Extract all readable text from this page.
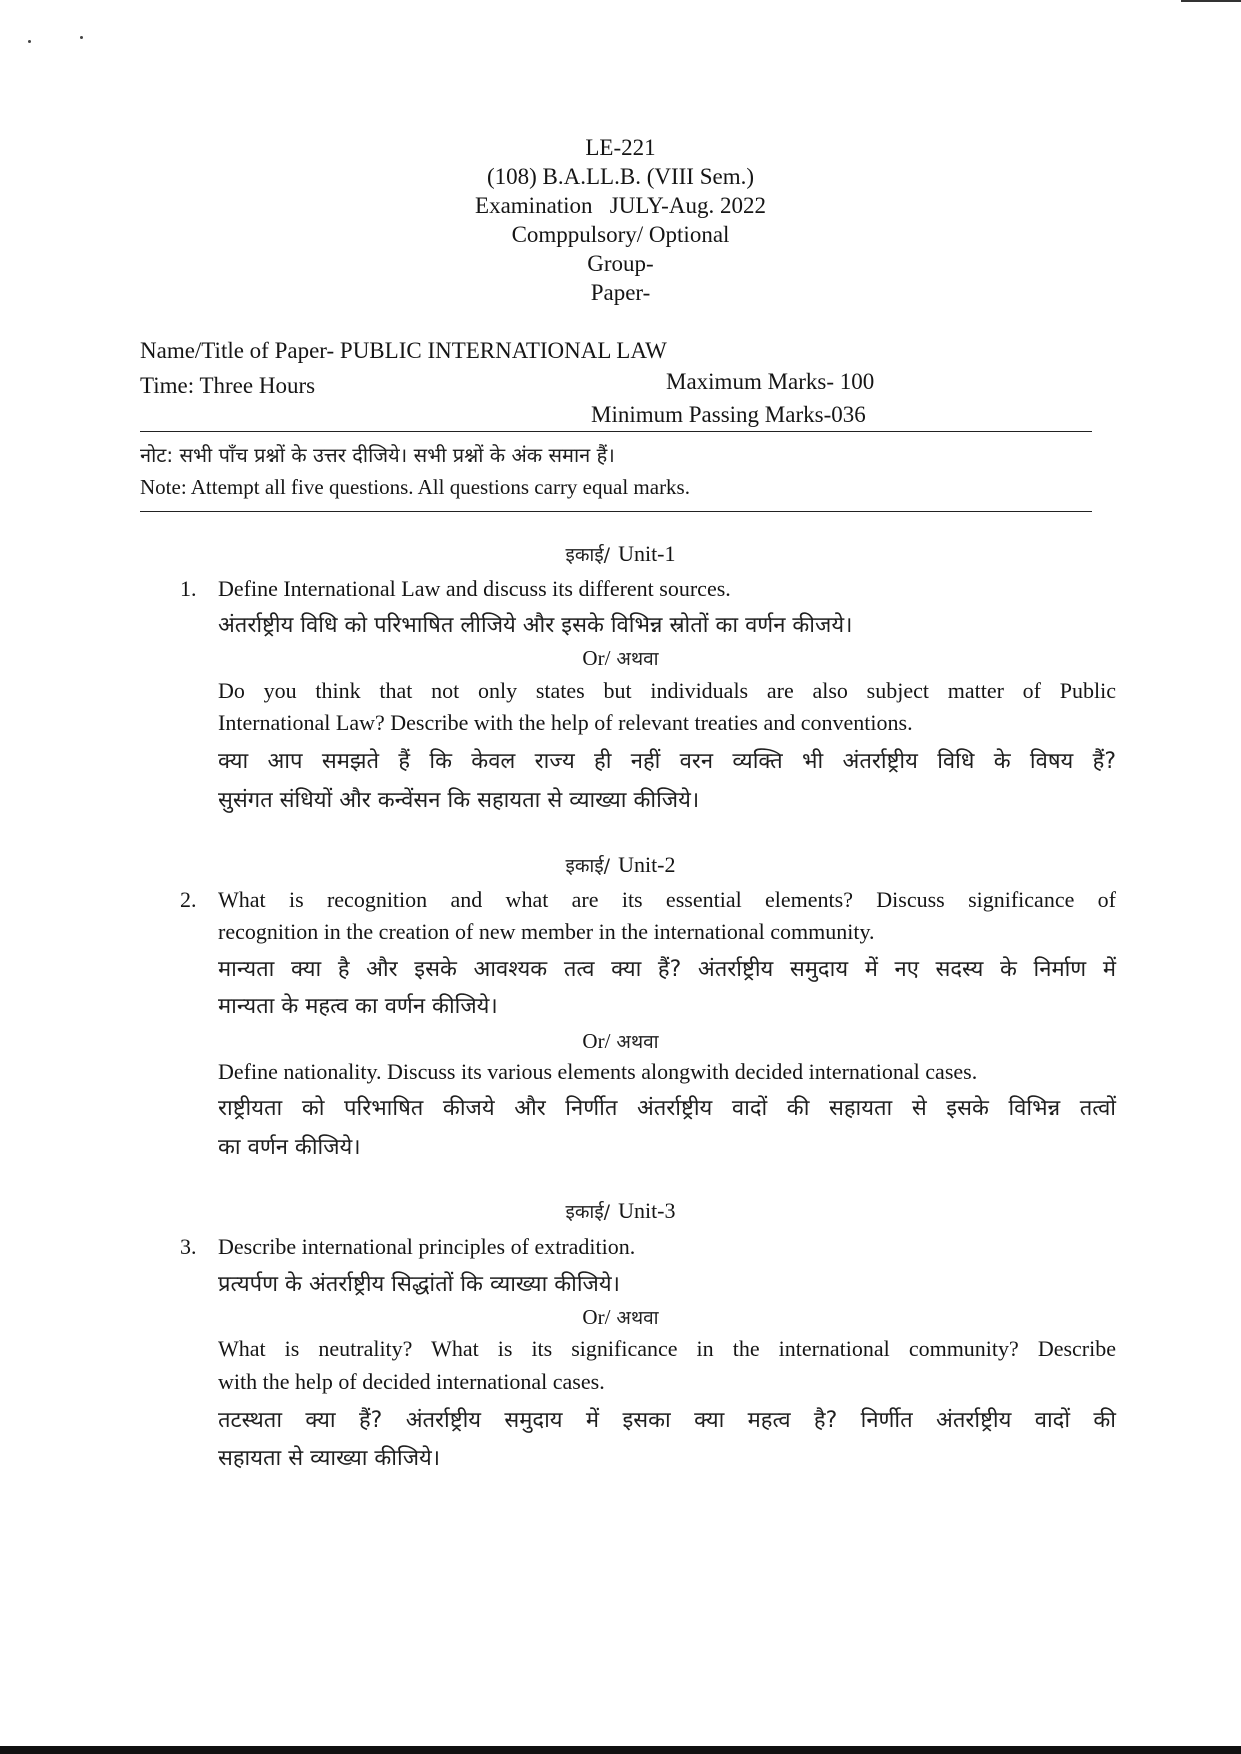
LE-221
(108) B.A.LL.B. (VIII Sem.)
Examination   JULY-Aug. 2022
Comppulsory/ Optional
Group-
Paper-
Name/Title of Paper- PUBLIC INTERNATIONAL LAW
Time: Three Hours	Maximum Marks- 100
Minimum Passing Marks-036
नोट: सभी पाँच प्रश्नों के उत्तर दीजिये। सभी प्रश्नों के अंक समान हैं।
Note: Attempt all five questions. All questions carry equal marks.
इकाई/ Unit-1
1. Define International Law and discuss its different sources.
अंतर्राष्ट्रीय विधि को परिभाषित लीजिये और इसके विभिन्न स्रोतों का वर्णन कीजये।
Or/ अथवा
Do you think that not only states but individuals are also subject matter of Public
International Law? Describe with the help of relevant treaties and conventions.
क्या आप समझते हैं कि केवल राज्य ही नहीं वरन व्यक्ति भी अंतर्राष्ट्रीय विधि के विषय हैं?
सुसंगत संधियों और कन्वेंसन कि सहायता से व्याख्या कीजिये।
इकाई/ Unit-2
2. What is recognition and what are its essential elements? Discuss significance of
recognition in the creation of new member in the international community.
मान्यता क्या है और इसके आवश्यक तत्व क्या हैं? अंतर्राष्ट्रीय समुदाय में नए सदस्य के निर्माण में
मान्यता के महत्व का वर्णन कीजिये।
Or/ अथवा
Define nationality. Discuss its various elements alongwith decided international cases.
राष्ट्रीयता को परिभाषित कीजये और निर्णीत अंतर्राष्ट्रीय वादों की सहायता से इसके विभिन्न तत्वों
का वर्णन कीजिये।
इकाई/ Unit-3
3. Describe international principles of extradition.
प्रत्यर्पण के अंतर्राष्ट्रीय सिद्धांतों कि व्याख्या कीजिये।
Or/ अथवा
What is neutrality? What is its significance in the international community? Describe
with the help of decided international cases.
तटस्थता क्या हैं? अंतर्राष्ट्रीय समुदाय में इसका क्या महत्व है? निर्णीत अंतर्राष्ट्रीय वादों की
सहायता से व्याख्या कीजिये।
